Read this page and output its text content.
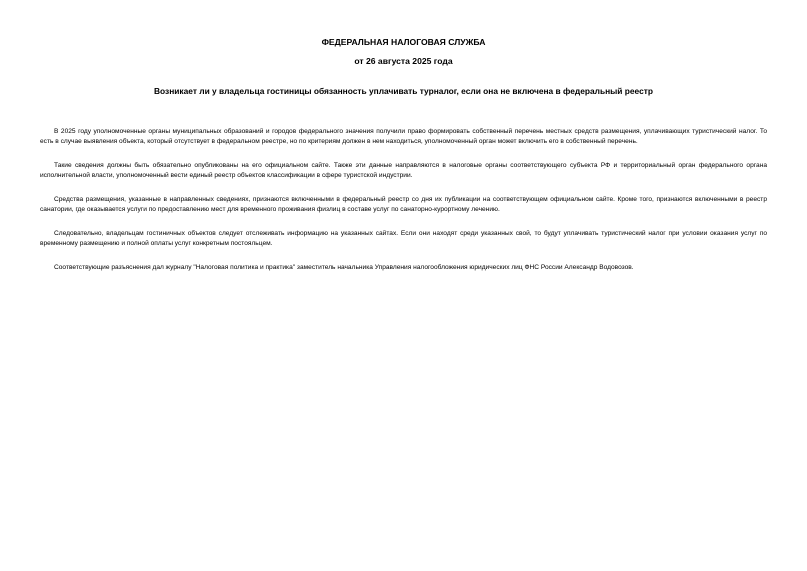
ФЕДЕРАЛЬНАЯ НАЛОГОВАЯ СЛУЖБА
от 26 августа 2025 года
Возникает ли у владельца гостиницы обязанность уплачивать турналог, если она не включена в федеральный реестр

В 2025 году уполномоченные органы муниципальных образований и городов федерального значения получили право формировать собственный перечень местных средств размещения, уплачивающих туристический налог. То есть в случае выявления объекта, который отсутствует в федеральном реестре, но по критериям должен в нем находиться, уполномоченный орган может включить его в собственный перечень.

Такие сведения должны быть обязательно опубликованы на его официальном сайте. Также эти данные направляются в налоговые органы соответствующего субъекта РФ и территориальный орган федерального органа исполнительной власти, уполномоченный вести единый реестр объектов классификации в сфере туристской индустрии.

Средства размещения, указанные в направленных сведениях, признаются включенными в федеральный реестр со дня их публикации на соответствующем официальном сайте. Кроме того, признаются включенными в реестр санатории, где оказывается услуги по предоставлению мест для временного проживания физлиц в составе услуг по санаторно-курортному лечению.

Следовательно, владельцам гостиничных объектов следует отслеживать информацию на указанных сайтах. Если они находят среди указанных свой, то будут уплачивать туристический налог при условии оказания услуг по временному размещению и полной оплаты услуг конкретным постояльцем.

Соответствующие разъяснения дал журналу "Налоговая политика и практика" заместитель начальника Управления налогообложения юридических лиц ФНС России Александр Водовозов.
